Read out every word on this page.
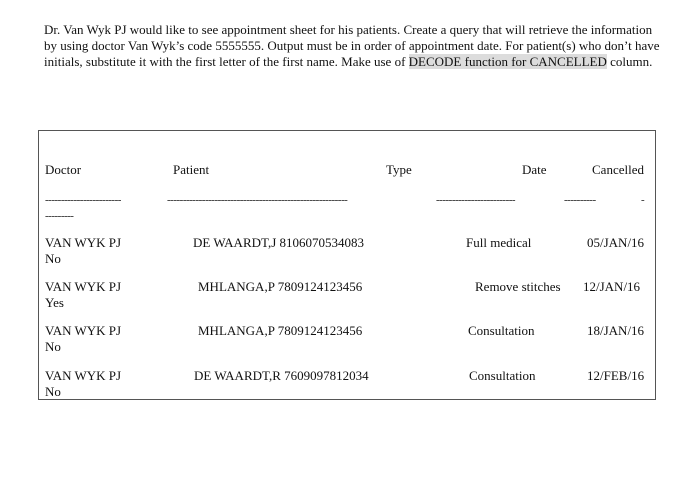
Dr. Van Wyk PJ would like to see appointment sheet for his patients. Create a query that will retrieve the information by using doctor Van Wyk’s code 5555555. Output must be in order of appointment date. For patient(s) who don’t have initials, substitute it with the first letter of the first name. Make use of DECODE function for CANCELLED column.

Doctor	Patient	Type	Date	Cancelled
------------------------	---------------------------------------------------------	-------------------------	----------	-
---------
VAN WYK PJ	DE WAARDT,J 8106070534083	Full medical	05/JAN/16
No
VAN WYK PJ	MHLANGA,P 7809124123456	Remove stitches 12/JAN/16
Yes
VAN WYK PJ	MHLANGA,P 7809124123456	Consultation	18/JAN/16
No
VAN WYK PJ	DE WAARDT,R 7609097812034	Consultation	12/FEB/16
No
